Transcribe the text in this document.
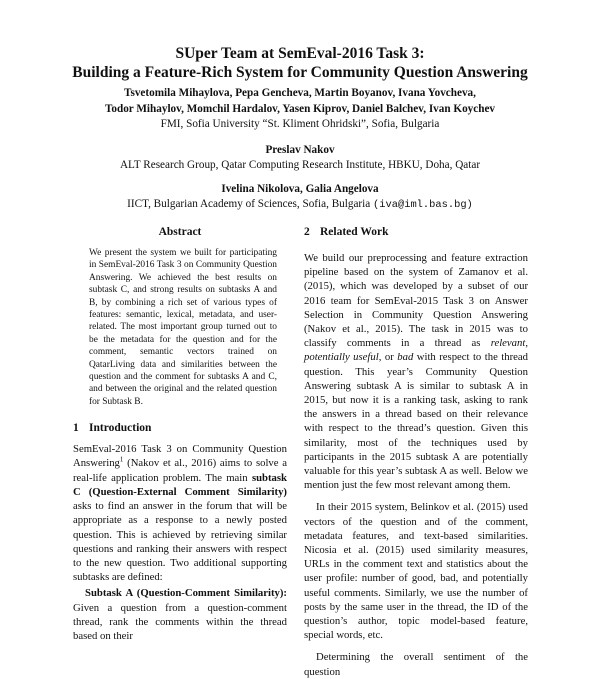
SUper Team at SemEval-2016 Task 3:
Building a Feature-Rich System for Community Question Answering
Tsvetomila Mihaylova, Pepa Gencheva, Martin Boyanov, Ivana Yovcheva,
Todor Mihaylov, Momchil Hardalov, Yasen Kiprov, Daniel Balchev, Ivan Koychev
FMI, Sofia University “St. Kliment Ohridski”, Sofia, Bulgaria
Preslav Nakov
ALT Research Group, Qatar Computing Research Institute, HBKU, Doha, Qatar
Ivelina Nikolova, Galia Angelova
IICT, Bulgarian Academy of Sciences, Sofia, Bulgaria (iva@iml.bas.bg)
Abstract

We present the system we built for participating in SemEval-2016 Task 3 on Community Question Answering. We achieved the best results on subtask C, and strong results on subtasks A and B, by combining a rich set of various types of features: semantic, lexical, metadata, and user-related. The most important group turned out to be the metadata for the question and for the comment, semantic vectors trained on QatarLiving data and similarities between the question and the comment for subtasks A and C, and between the original and the related question for Subtask B.

1 Introduction

SemEval-2016 Task 3 on Community Question Answering$^1$ (Nakov et al., 2016) aims to solve a real-life application problem. The main subtask C (Question-External Comment Similarity) asks to find an answer in the forum that will be appropriate as a response to a newly posted question. This is achieved by retrieving similar questions and ranking their answers with respect to the new question. Two additional supporting subtasks are defined:

Subtask A (Question-Comment Similarity): Given a question from a question-comment thread, rank the comments within the thread based on their

2 Related Work

We build our preprocessing and feature extraction pipeline based on the system of Zamanov et al. (2015), which was developed by a subset of our 2016 team for SemEval-2015 Task 3 on Answer Selection in Community Question Answering (Nakov et al., 2015). The task in 2015 was to classify comments in a thread as relevant, potentially useful, or bad with respect to the thread question. This year’s Community Question Answering subtask A is similar to subtask A in 2015, but now it is a ranking task, asking to rank the answers in a thread based on their relevance with respect to the thread’s question. Given this similarity, most of the techniques used by participants in the 2015 subtask A are potentially valuable for this year’s subtask A as well. Below we mention just the few most relevant among them.

In their 2015 system, Belinkov et al. (2015) used vectors of the question and of the comment, metadata features, and text-based similarities. Nicosia et al. (2015) used similarity measures, URLs in the comment text and statistics about the user profile: number of good, bad, and potentially useful comments. Similarly, we use the number of posts by the same user in the thread, the ID of the question’s author, topic model-based feature, special words, etc.

Determining the overall sentiment of the question
